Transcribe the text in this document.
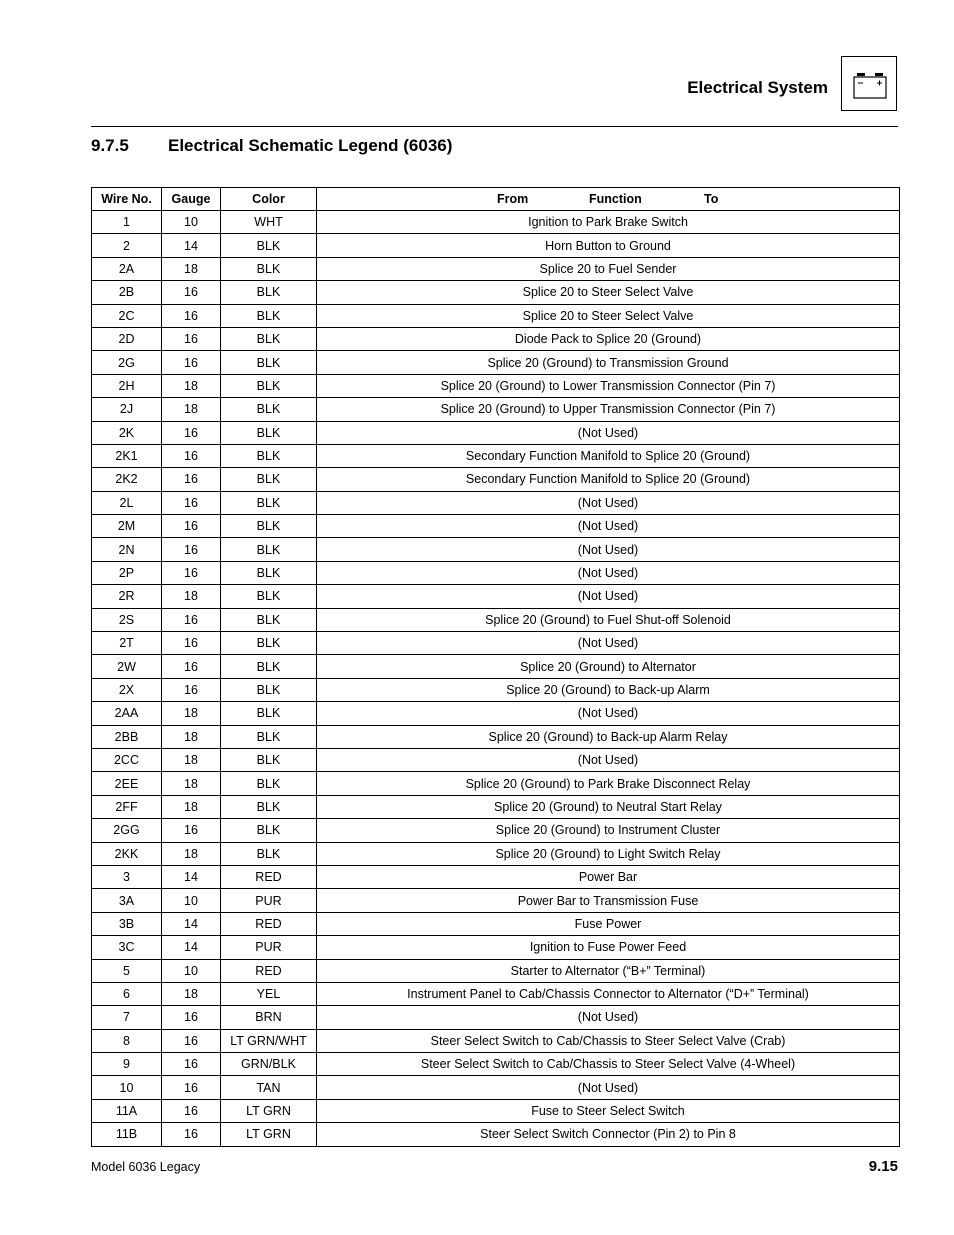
Electrical System
9.7.5 Electrical Schematic Legend (6036)
Wire No.	Gauge	Color	From Function To

1	10	WHT	Ignition to Park Brake Switch
2	14	BLK	Horn Button to Ground
2A	18	BLK	Splice 20 to Fuel Sender
2B	16	BLK	Splice 20 to Steer Select Valve
2C	16	BLK	Splice 20 to Steer Select Valve
2D	16	BLK	Diode Pack to Splice 20 (Ground)
2G	16	BLK	Splice 20 (Ground) to Transmission Ground
2H	18	BLK	Splice 20 (Ground) to Lower Transmission Connector (Pin 7)
2J	18	BLK	Splice 20 (Ground) to Upper Transmission Connector (Pin 7)
2K	16	BLK	(Not Used)
2K1	16	BLK	Secondary Function Manifold to Splice 20 (Ground)
2K2	16	BLK	Secondary Function Manifold to Splice 20 (Ground)
2L	16	BLK	(Not Used)
2M	16	BLK	(Not Used)
2N	16	BLK	(Not Used)
2P	16	BLK	(Not Used)
2R	18	BLK	(Not Used)
2S	16	BLK	Splice 20 (Ground) to Fuel Shut-off Solenoid
2T	16	BLK	(Not Used)
2W	16	BLK	Splice 20 (Ground) to Alternator
2X	16	BLK	Splice 20 (Ground) to Back-up Alarm
2AA	18	BLK	(Not Used)
2BB	18	BLK	Splice 20 (Ground) to Back-up Alarm Relay
2CC	18	BLK	(Not Used)
2EE	18	BLK	Splice 20 (Ground) to Park Brake Disconnect Relay
2FF	18	BLK	Splice 20 (Ground) to Neutral Start Relay
2GG	16	BLK	Splice 20 (Ground) to Instrument Cluster
2KK	18	BLK	Splice 20 (Ground) to Light Switch Relay
3	14	RED	Power Bar
3A	10	PUR	Power Bar to Transmission Fuse
3B	14	RED	Fuse Power
3C	14	PUR	Ignition to Fuse Power Feed
5	10	RED	Starter to Alternator (“B+” Terminal)
6	18	YEL	Instrument Panel to Cab/Chassis Connector to Alternator (“D+” Terminal)
7	16	BRN	(Not Used)
8	16	LT GRN/WHT	Steer Select Switch to Cab/Chassis to Steer Select Valve (Crab)
9	16	GRN/BLK	Steer Select Switch to Cab/Chassis to Steer Select Valve (4-Wheel)
10	16	TAN	(Not Used)
11A	16	LT GRN	Fuse to Steer Select Switch
11B	16	LT GRN	Steer Select Switch Connector (Pin 2) to Pin 8
Model 6036 Legacy	9.15
